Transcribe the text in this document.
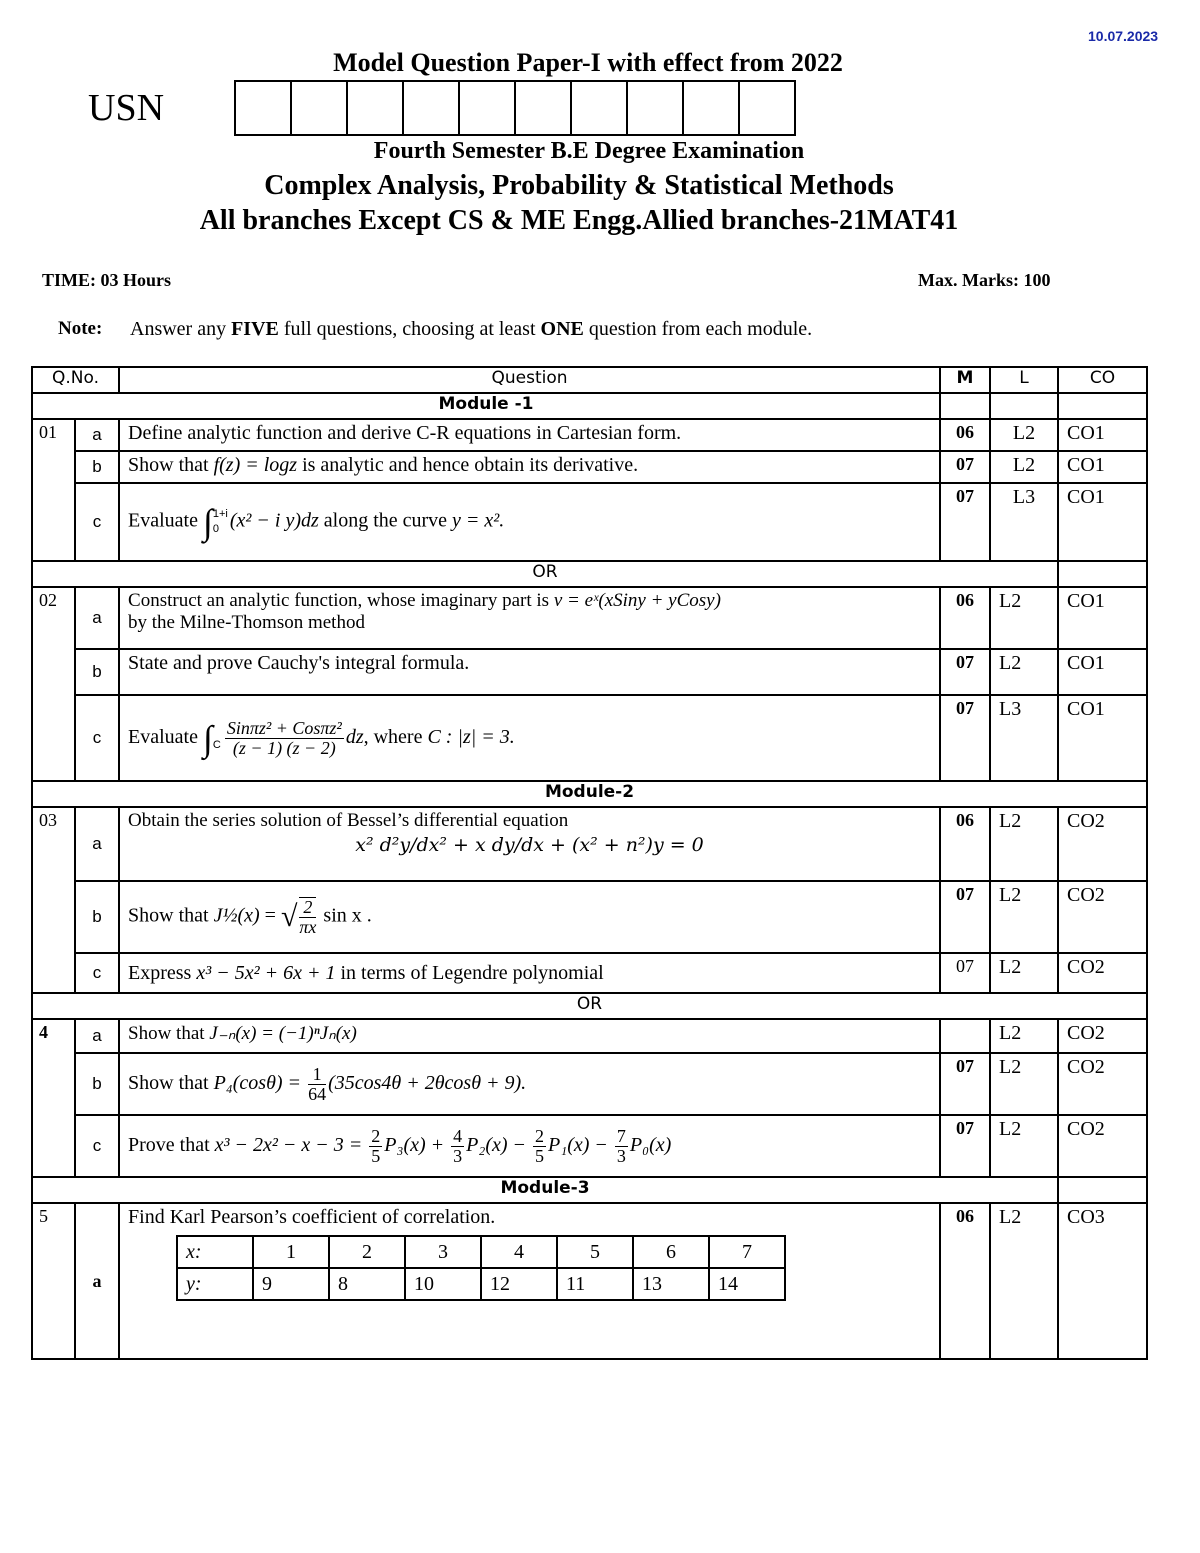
10.07.2023
Model Question Paper-I with effect from 2022
USN
Fourth Semester B.E Degree Examination
Complex Analysis, Probability & Statistical Methods
All branches Except CS & ME Engg.Allied branches-21MAT41
TIME: 03 Hours	Max. Marks: 100
Note: Answer any FIVE full questions, choosing at least ONE question from each module.
Q.No.	Question	M	L	CO
Module -1			
01	a	Define analytic function and derive C-R equations in Cartesian form.	06	L2	CO1
b	Show that f(z) = logz is analytic and hence obtain its derivative.	07	L2	CO1
c	Evaluate ∫ 1+i
0 (x² − i y)dz along the curve y = x².	07	L3	CO1
OR	
02	a	
Construct an analytic function, whose imaginary part is v = eˣ(xSiny + yCosy)
by the Milne-Thomson method
	06	L2	CO1
b	State and prove Cauchy's integral formula.	07	L2	CO1
c	Evaluate ∫
C $\frac{\text{Sinπz² + Cosπz²}}{(z - 1) (z - 2)}$ dz, where C : |z| = 3.	07	L3	CO1
Module-2
03	a	
Obtain the series solution of Bessel’s differential equation
x² d²y/dx² + x dy/dx + (x² + n²)y = 0
	06	L2	CO2
b	Show that J½(x) = √ $\frac{2}{\pi x}$ sin x .	07	L2	CO2
c	Express x³ − 5x² + 6x + 1 in terms of Legendre polynomial	07	L2	CO2
OR
4	a	Show that J₋ₙ(x) = (−1)ⁿJₙ(x)		L2	CO2
b	Show that $P_4(\cos\theta) = \frac{1}{64} (35\cos 4\theta + 2\theta\cos\theta + 9)$.	07	L2	CO2
c	Prove that $x^3 - 2x^2 - x - 3 = \frac{2}{5} P_3(x) + \frac{4}{3} P_2(x) - \frac{2}{5} P_1(x) - \frac{7}{3} P_0(x)$	07	L2	CO2
Module-3	
5	a	
Find Karl Pearson’s coefficient of correlation.
x:	1	2	3	4	5	6	7
y:	9	8	10	12	11	13	14
	06	L2	CO3
